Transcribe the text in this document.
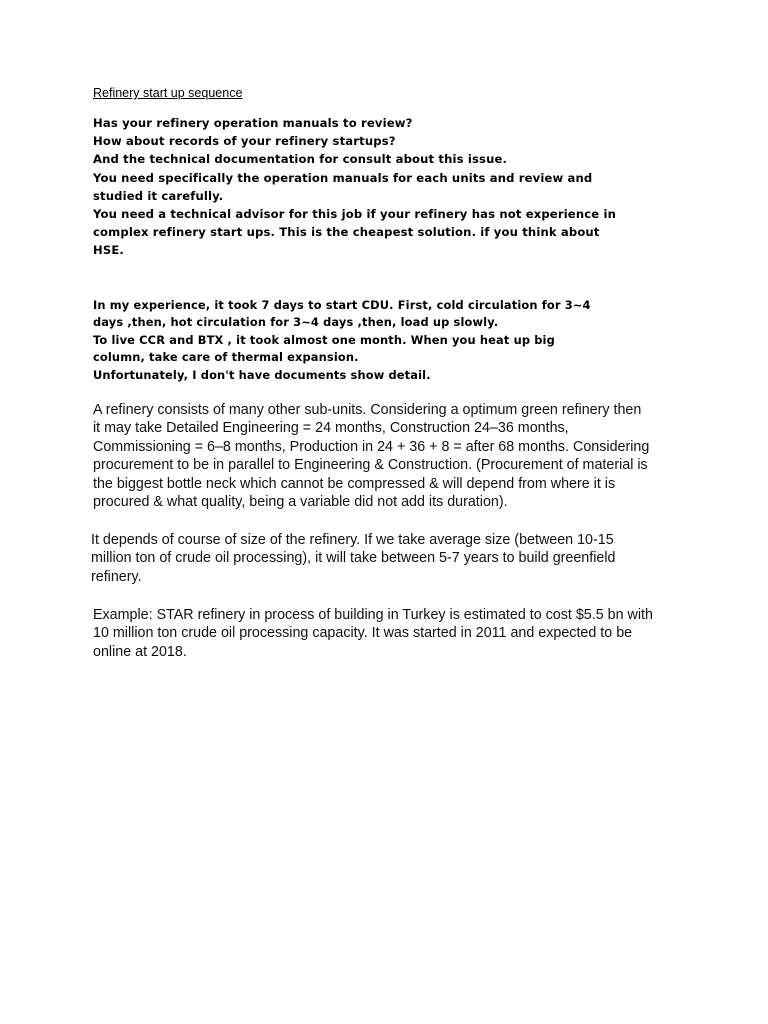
Refinery start up sequence
Has your refinery operation manuals to review?
How about records of your refinery startups?
And the technical documentation for consult about this issue.
You need specifically the operation manuals for each units and review and
studied it carefully.
You need a technical advisor for this job if your refinery has not experience in
complex refinery start ups. This is the cheapest solution. if you think about
HSE.
In my experience, it took 7 days to start CDU. First, cold circulation for 3~4
days ,then, hot circulation for 3~4 days ,then, load up slowly.
To live CCR and BTX , it took almost one month. When you heat up big
column, take care of thermal expansion.
Unfortunately, I don't have documents show detail.
A refinery consists of many other sub-units. Considering a optimum green refinery then
it may take Detailed Engineering = 24 months, Construction 24–36 months,
Commissioning = 6–8 months, Production in 24 + 36 + 8 = after 68 months. Considering
procurement to be in parallel to Engineering & Construction. (Procurement of material is
the biggest bottle neck which cannot be compressed & will depend from where it is
procured & what quality, being a variable did not add its duration).
It depends of course of size of the refinery. If we take average size (between 10-15
million ton of crude oil processing), it will take between 5-7 years to build greenfield
refinery.
Example: STAR refinery in process of building in Turkey is estimated to cost $5.5 bn with
10 million ton crude oil processing capacity. It was started in 2011 and expected to be
online at 2018.
